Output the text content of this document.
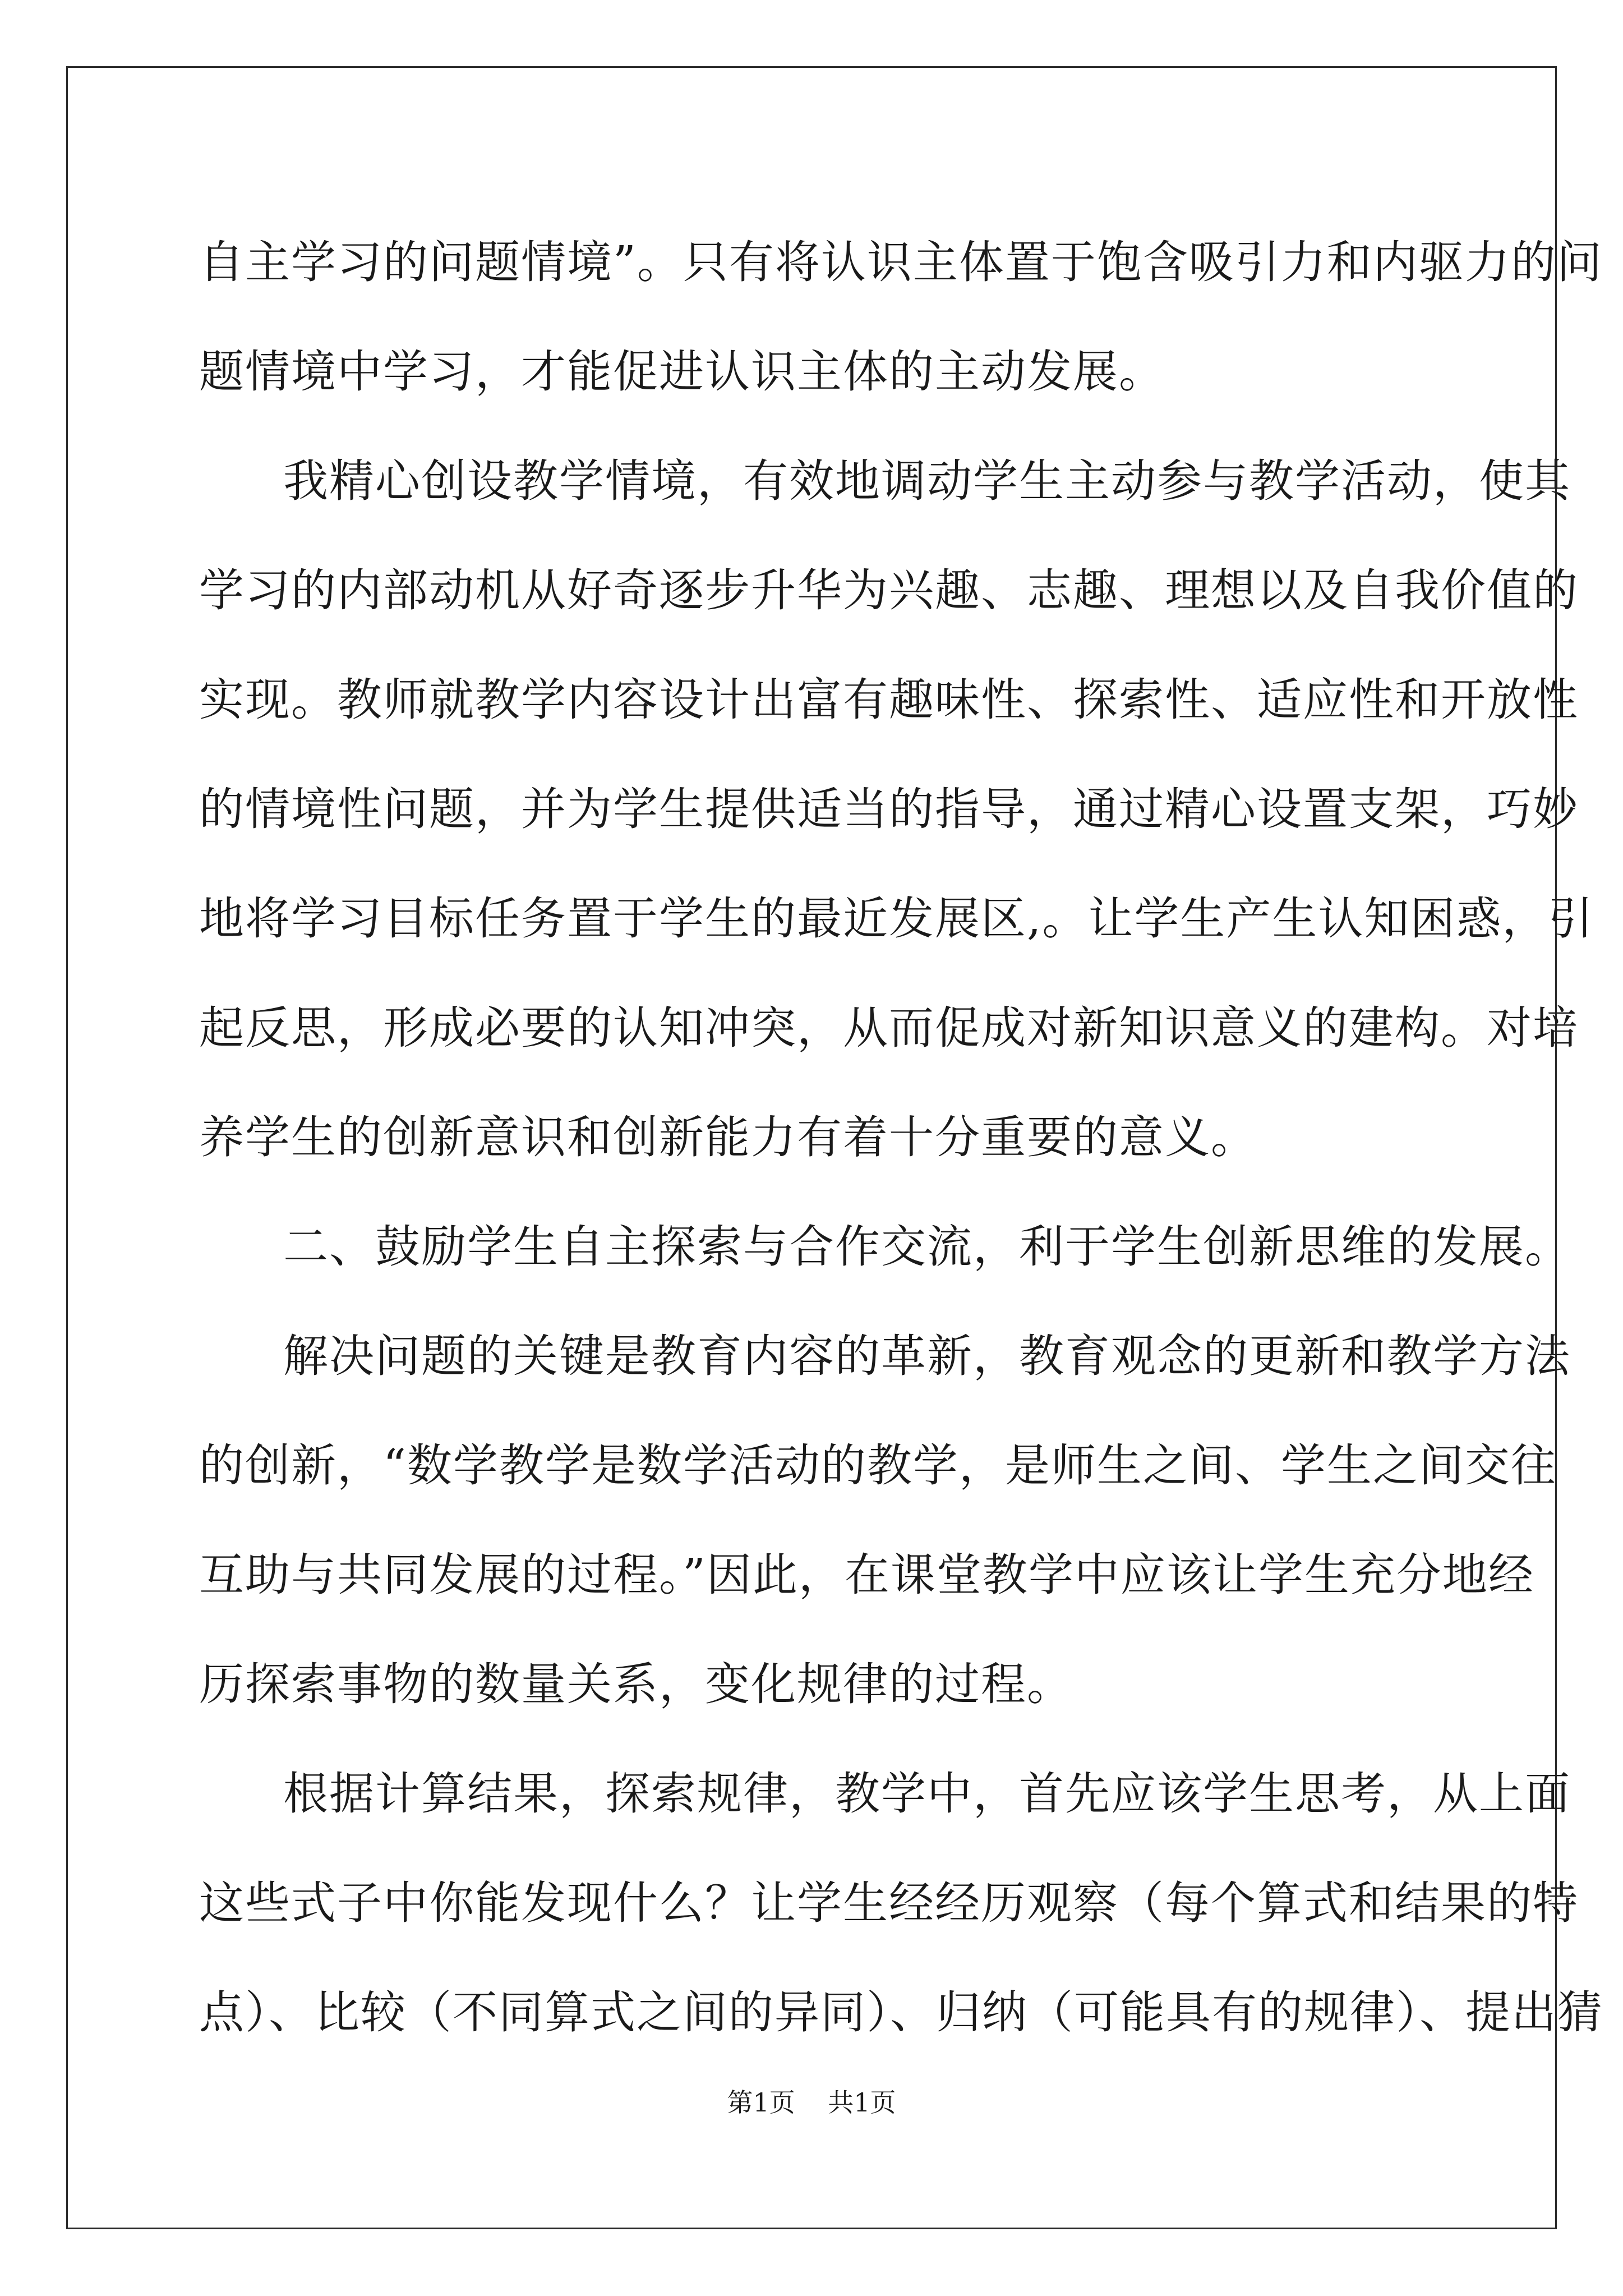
自主学习的问题情境”。只有将认识主体置于饱含吸引力和内驱力的问
题情境中学习，才能促进认识主体的主动发展。
我精心创设教学情境，有效地调动学生主动参与教学活动，使其
学习的内部动机从好奇逐步升华为兴趣、志趣、理想以及自我价值的
实现。教师就教学内容设计出富有趣味性、探索性、适应性和开放性
的情境性问题，并为学生提供适当的指导，通过精心设置支架，巧妙
地将学习目标任务置于学生的最近发展区,。让学生产生认知困惑，引
起反思，形成必要的认知冲突，从而促成对新知识意义的建构。对培
养学生的创新意识和创新能力有着十分重要的意义。
二、鼓励学生自主探索与合作交流，利于学生创新思维的发展。
解决问题的关键是教育内容的革新，教育观念的更新和教学方法
的创新，“数学教学是数学活动的教学，是师生之间、学生之间交往
互助与共同发展的过程。”因此，在课堂教学中应该让学生充分地经
历探索事物的数量关系，变化规律的过程。
根据计算结果，探索规律，教学中，首先应该学生思考，从上面
这些式子中你能发现什么？让学生经经历观察（每个算式和结果的特
点）、比较（不同算式之间的异同）、归纳（可能具有的规律）、提出猜
第1页    共1页
